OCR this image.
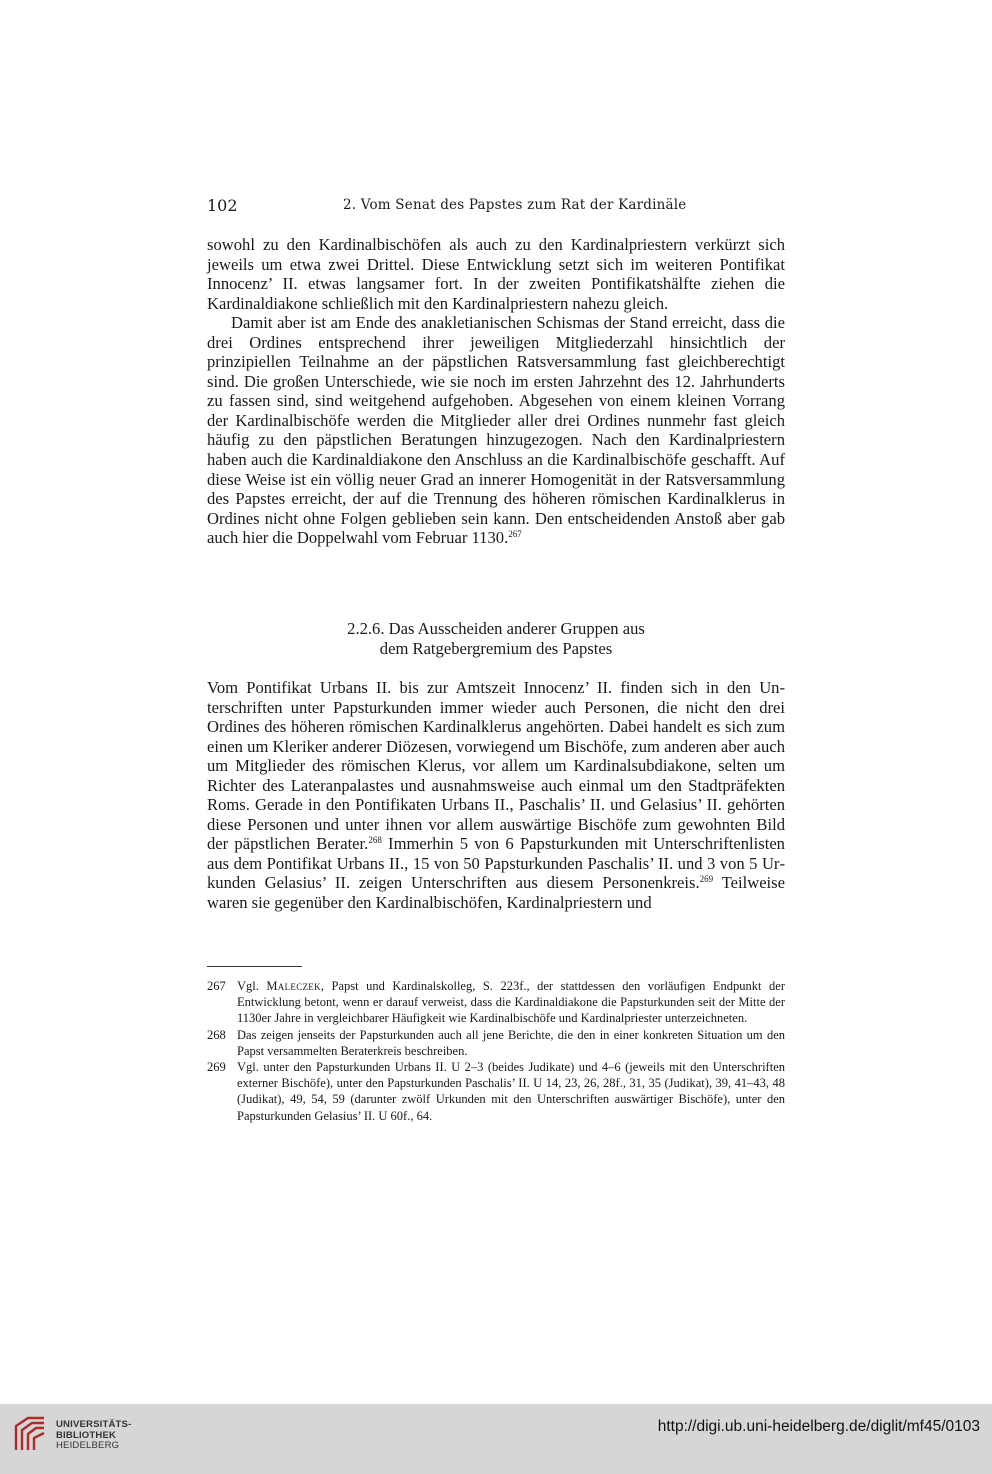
102	2. Vom Senat des Papstes zum Rat der Kardinäle

sowohl zu den Kardinalbischöfen als auch zu den Kardinalpriestern verkürzt sich jeweils um etwa zwei Drittel. Diese Entwicklung setzt sich im weiteren Pontifikat Innocenz’ II. etwas langsamer fort. In der zweiten Pontifikatshälfte ziehen die Kardinaldiakone schließlich mit den Kardinalpriestern nahezu gleich.

Damit aber ist am Ende des anakletianischen Schismas der Stand erreicht, dass die drei Ordines entsprechend ihrer jeweiligen Mitgliederzahl hinsichtlich der prinzipiellen Teilnahme an der päpstlichen Ratsversammlung fast gleichberechtigt sind. Die großen Unterschiede, wie sie noch im ersten Jahrzehnt des 12. Jahrhunderts zu fassen sind, sind weitgehend aufgehoben. Abgesehen von einem kleinen Vorrang der Kardinalbischöfe werden die Mitglieder aller drei Ordines nunmehr fast gleich häufig zu den päpstlichen Beratungen hinzugezogen. Nach den Kardinalpriestern haben auch die Kardinaldiakone den Anschluss an die Kardinalbischöfe geschafft. Auf diese Weise ist ein völlig neuer Grad an innerer Homogenität in der Ratsversammlung des Papstes erreicht, der auf die Trennung des höheren römischen Kardinalklerus in Ordines nicht ohne Folgen geblieben sein kann. Den entscheidenden Anstoß aber gab auch hier die Doppelwahl vom Februar 1130.$^{267}$

2.2.6. Das Ausscheiden anderer Gruppen aus
dem Ratgebergremium des Papstes

Vom Pontifikat Urbans II. bis zur Amtszeit Innocenz’ II. finden sich in den Unterschriften unter Papsturkunden immer wieder auch Personen, die nicht den drei Ordines des höheren römischen Kardinalklerus angehörten. Dabei handelt es sich zum einen um Kleriker anderer Diözesen, vorwiegend um Bischöfe, zum anderen aber auch um Mitglieder des römischen Klerus, vor allem um Kardinalsubdiakone, selten um Richter des Lateranpalastes und ausnahmsweise auch einmal um den Stadtpräfekten Roms. Gerade in den Pontifikaten Urbans II., Paschalis’ II. und Gelasius’ II. gehörten diese Personen und unter ihnen vor allem auswärtige Bischöfe zum gewohnten Bild der päpstlichen Berater.$^{268}$ Immerhin 5 von 6 Papsturkunden mit Unterschriftenlisten aus dem Pontifikat Urbans II., 15 von 50 Papsturkunden Paschalis’ II. und 3 von 5 Urkunden Gelasius’ II. zeigen Unterschriften aus diesem Personenkreis.$^{269}$ Teilweise waren sie gegenüber den Kardinalbischöfen, Kardinalpriestern und

267 Vgl. Maleczek, Papst und Kardinalskolleg, S. 223f., der stattdessen den vorläufigen Endpunkt der Entwicklung betont, wenn er darauf verweist, dass die Kardinaldiakone die Papsturkunden seit der Mitte der 1130er Jahre in vergleichbarer Häufigkeit wie Kardinalbischöfe und Kardinalpriester unterzeichneten.
268 Das zeigen jenseits der Papsturkunden auch all jene Berichte, die den in einer konkreten Situation um den Papst versammelten Beraterkreis beschreiben.
269 Vgl. unter den Papsturkunden Urbans II. U 2–3 (beides Judikate) und 4–6 (jeweils mit den Unterschriften externer Bischöfe), unter den Papsturkunden Paschalis’ II. U 14, 23, 26, 28f., 31, 35 (Judikat), 39, 41–43, 48 (Judikat), 49, 54, 59 (darunter zwölf Urkunden mit den Unterschriften auswärtiger Bischöfe), unter den Papsturkunden Gelasius’ II. U 60f., 64.
UNIVERSITÄTS-
BIBLIOTHEK
HEIDELBERG
http://digi.ub.uni-heidelberg.de/diglit/mf45/0103
